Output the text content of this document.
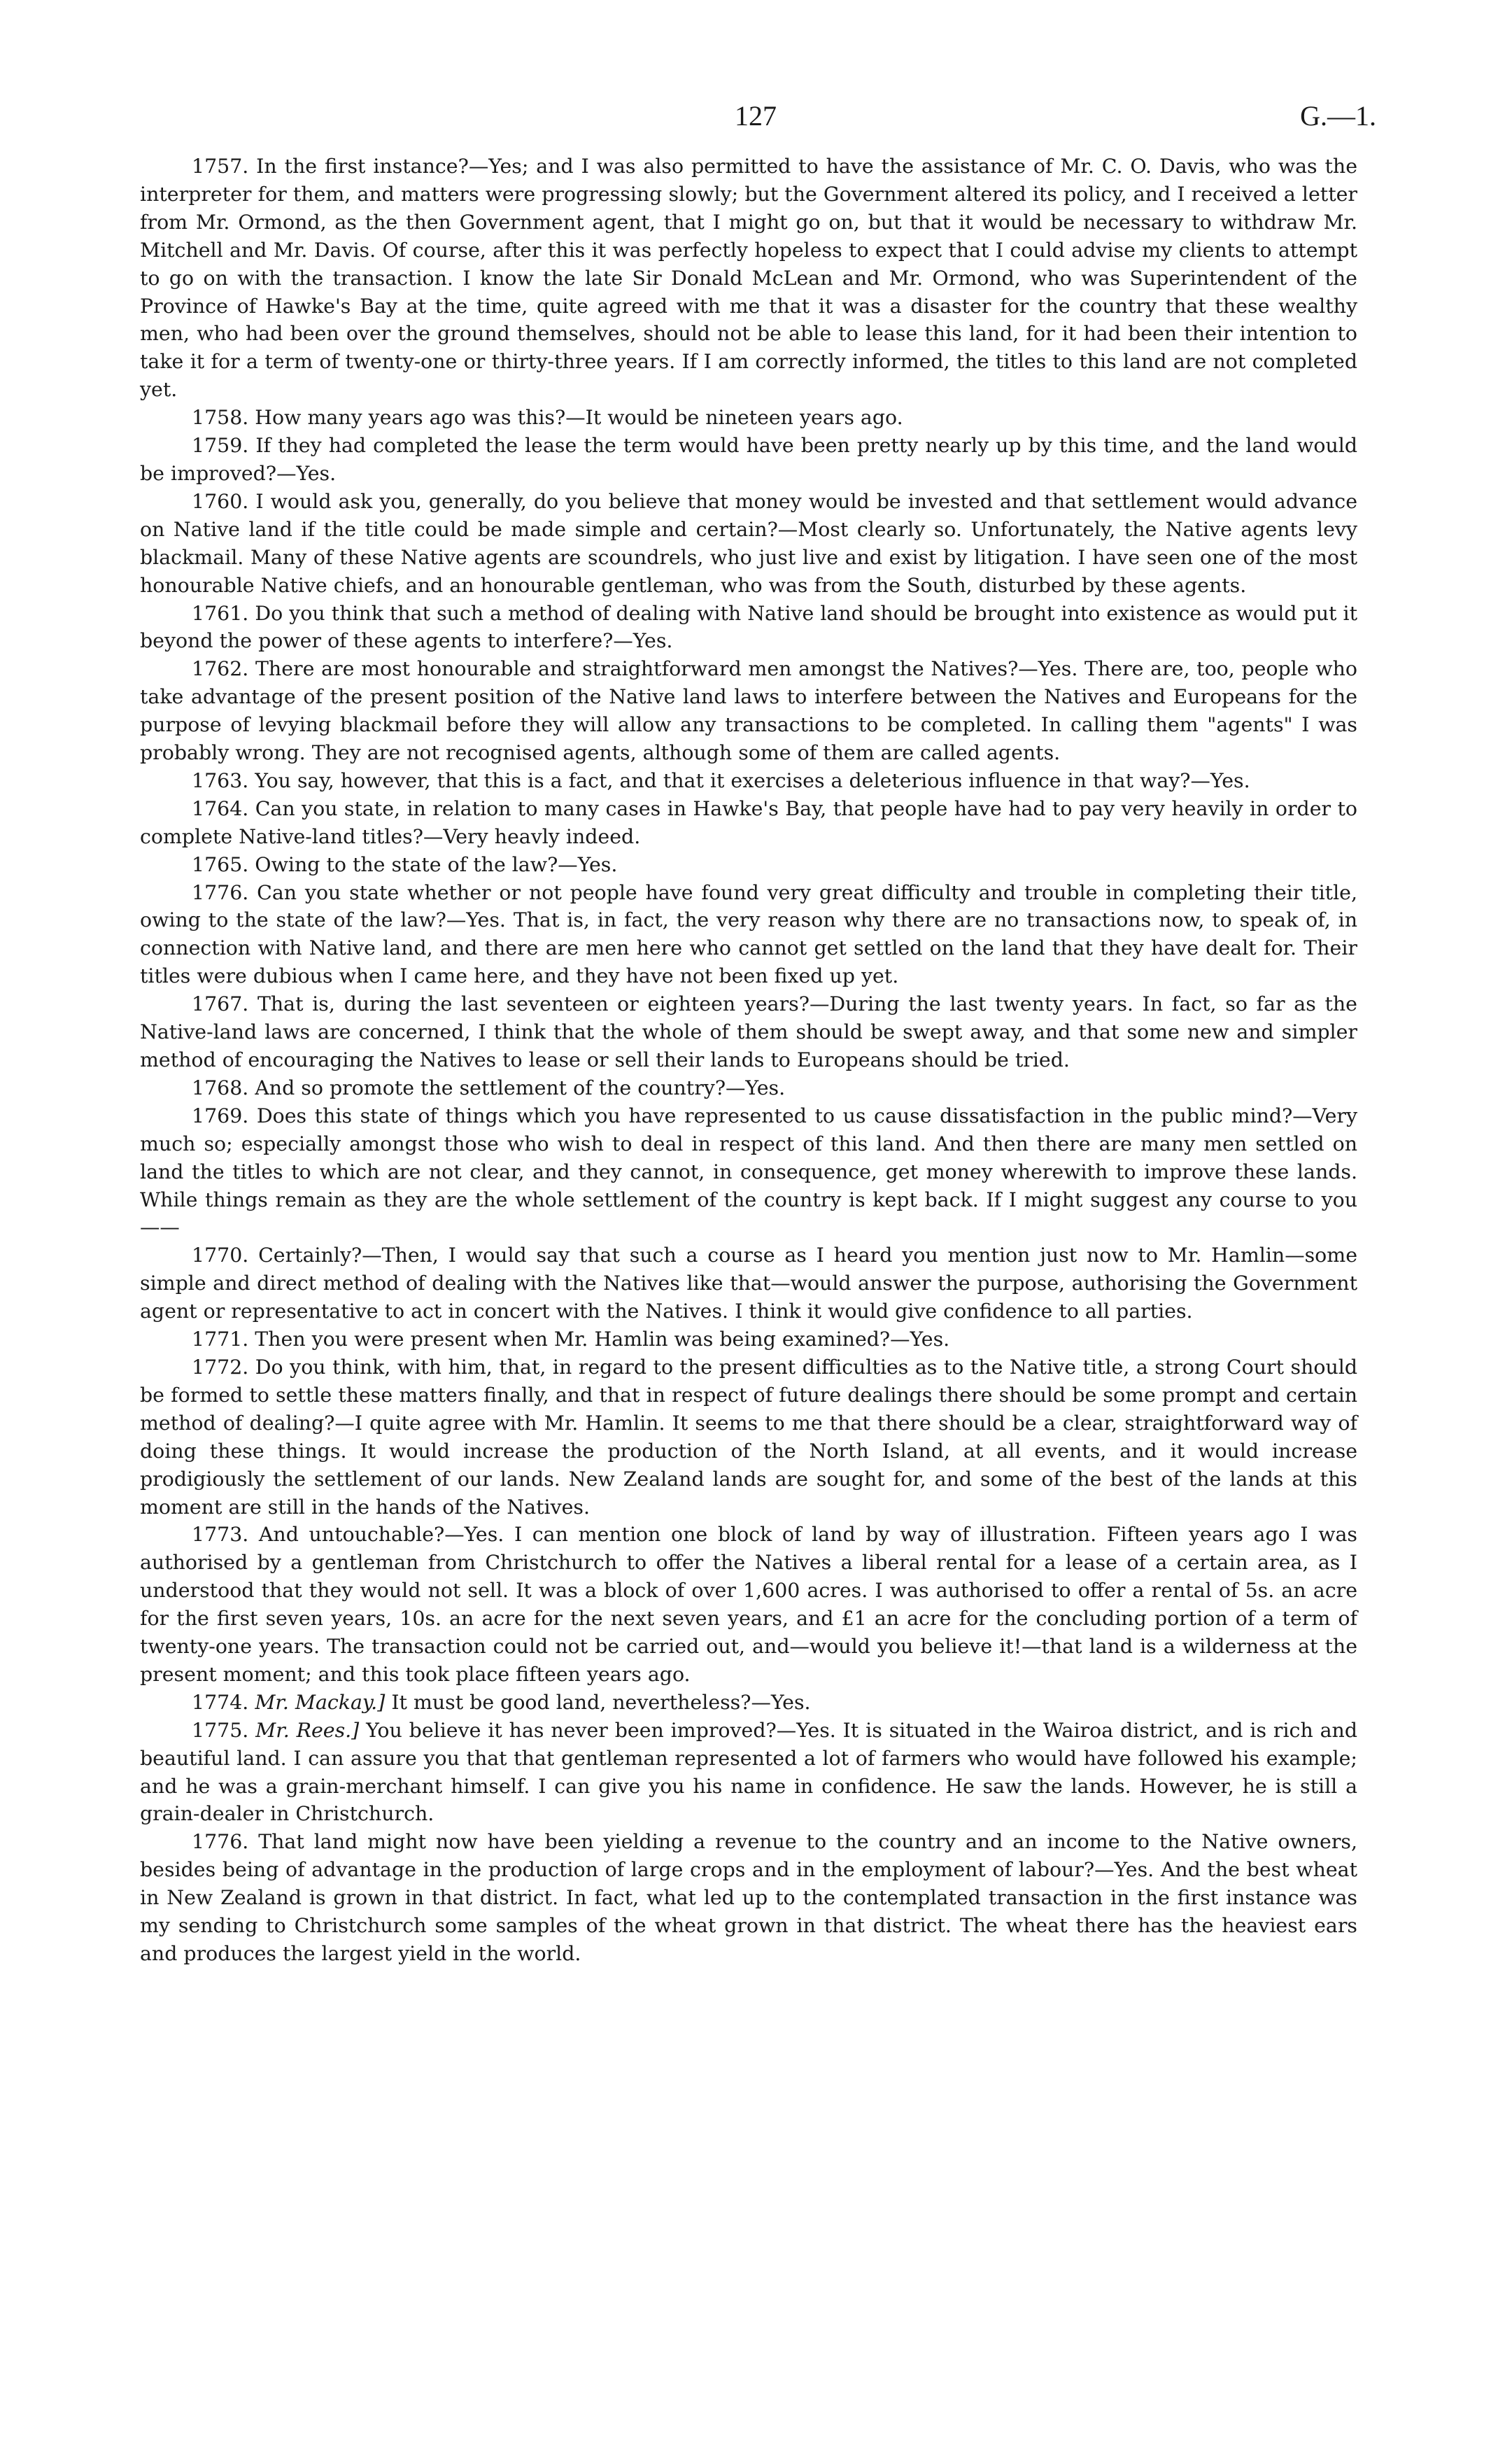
127	G.—1.

1757. In the first instance?—Yes; and I was also permitted to have the assistance of Mr. C. O. Davis, who was the interpreter for them, and matters were progressing slowly; but the Government altered its policy, and I received a letter from Mr. Ormond, as the then Government agent, that I might go on, but that it would be necessary to withdraw Mr. Mitchell and Mr. Davis. Of course, after this it was perfectly hopeless to expect that I could advise my clients to attempt to go on with the transaction. I know the late Sir Donald McLean and Mr. Ormond, who was Superintendent of the Province of Hawke's Bay at the time, quite agreed with me that it was a disaster for the country that these wealthy men, who had been over the ground themselves, should not be able to lease this land, for it had been their intention to take it for a term of twenty-one or thirty-three years. If I am correctly informed, the titles to this land are not completed yet.

1758. How many years ago was this?—It would be nineteen years ago.

1759. If they had completed the lease the term would have been pretty nearly up by this time, and the land would be improved?—Yes.

1760. I would ask you, generally, do you believe that money would be invested and that settlement would advance on Native land if the title could be made simple and certain?—Most clearly so. Unfortunately, the Native agents levy blackmail. Many of these Native agents are scoundrels, who just live and exist by litigation. I have seen one of the most honourable Native chiefs, and an honourable gentleman, who was from the South, disturbed by these agents.

1761. Do you think that such a method of dealing with Native land should be brought into existence as would put it beyond the power of these agents to interfere?—Yes.

1762. There are most honourable and straightforward men amongst the Natives?—Yes. There are, too, people who take advantage of the present position of the Native land laws to interfere between the Natives and Europeans for the purpose of levying blackmail before they will allow any transactions to be completed. In calling them "agents" I was probably wrong. They are not recognised agents, although some of them are called agents.

1763. You say, however, that this is a fact, and that it exercises a deleterious influence in that way?—Yes.

1764. Can you state, in relation to many cases in Hawke's Bay, that people have had to pay very heavily in order to complete Native-land titles?—Very heavly indeed.

1765. Owing to the state of the law?—Yes.

1776. Can you state whether or not people have found very great difficulty and trouble in completing their title, owing to the state of the law?—Yes. That is, in fact, the very reason why there are no transactions now, to speak of, in connection with Native land, and there are men here who cannot get settled on the land that they have dealt for. Their titles were dubious when I came here, and they have not been fixed up yet.

1767. That is, during the last seventeen or eighteen years?—During the last twenty years. In fact, so far as the Native-land laws are concerned, I think that the whole of them should be swept away, and that some new and simpler method of encouraging the Natives to lease or sell their lands to Europeans should be tried.

1768. And so promote the settlement of the country?—Yes.

1769. Does this state of things which you have represented to us cause dissatisfaction in the public mind?—Very much so; especially amongst those who wish to deal in respect of this land. And then there are many men settled on land the titles to which are not clear, and they cannot, in consequence, get money wherewith to improve these lands. While things remain as they are the whole settlement of the country is kept back. If I might suggest any course to you——

1770. Certainly?—Then, I would say that such a course as I heard you mention just now to Mr. Hamlin—some simple and direct method of dealing with the Natives like that—would answer the purpose, authorising the Government agent or representative to act in concert with the Natives. I think it would give confidence to all parties.

1771. Then you were present when Mr. Hamlin was being examined?—Yes.

1772. Do you think, with him, that, in regard to the present difficulties as to the Native title, a strong Court should be formed to settle these matters finally, and that in respect of future dealings there should be some prompt and certain method of dealing?—I quite agree with Mr. Hamlin. It seems to me that there should be a clear, straightforward way of doing these things. It would increase the production of the North Island, at all events, and it would increase prodigiously the settlement of our lands. New Zealand lands are sought for, and some of the best of the lands at this moment are still in the hands of the Natives.

1773. And untouchable?—Yes. I can mention one block of land by way of illustration. Fifteen years ago I was authorised by a gentleman from Christchurch to offer the Natives a liberal rental for a lease of a certain area, as I understood that they would not sell. It was a block of over 1,600 acres. I was authorised to offer a rental of 5s. an acre for the first seven years, 10s. an acre for the next seven years, and £1 an acre for the concluding portion of a term of twenty-one years. The transaction could not be carried out, and—would you believe it!—that land is a wilderness at the present moment; and this took place fifteen years ago.

1774. Mr. Mackay.] It must be good land, nevertheless?—Yes.

1775. Mr. Rees.] You believe it has never been improved?—Yes. It is situated in the Wairoa district, and is rich and beautiful land. I can assure you that that gentleman represented a lot of farmers who would have followed his example; and he was a grain-merchant himself. I can give you his name in confidence. He saw the lands. However, he is still a grain-dealer in Christchurch.

1776. That land might now have been yielding a revenue to the country and an income to the Native owners, besides being of advantage in the production of large crops and in the employment of labour?—Yes. And the best wheat in New Zealand is grown in that district. In fact, what led up to the contemplated transaction in the first instance was my sending to Christchurch some samples of the wheat grown in that district. The wheat there has the heaviest ears and produces the largest yield in the world.
